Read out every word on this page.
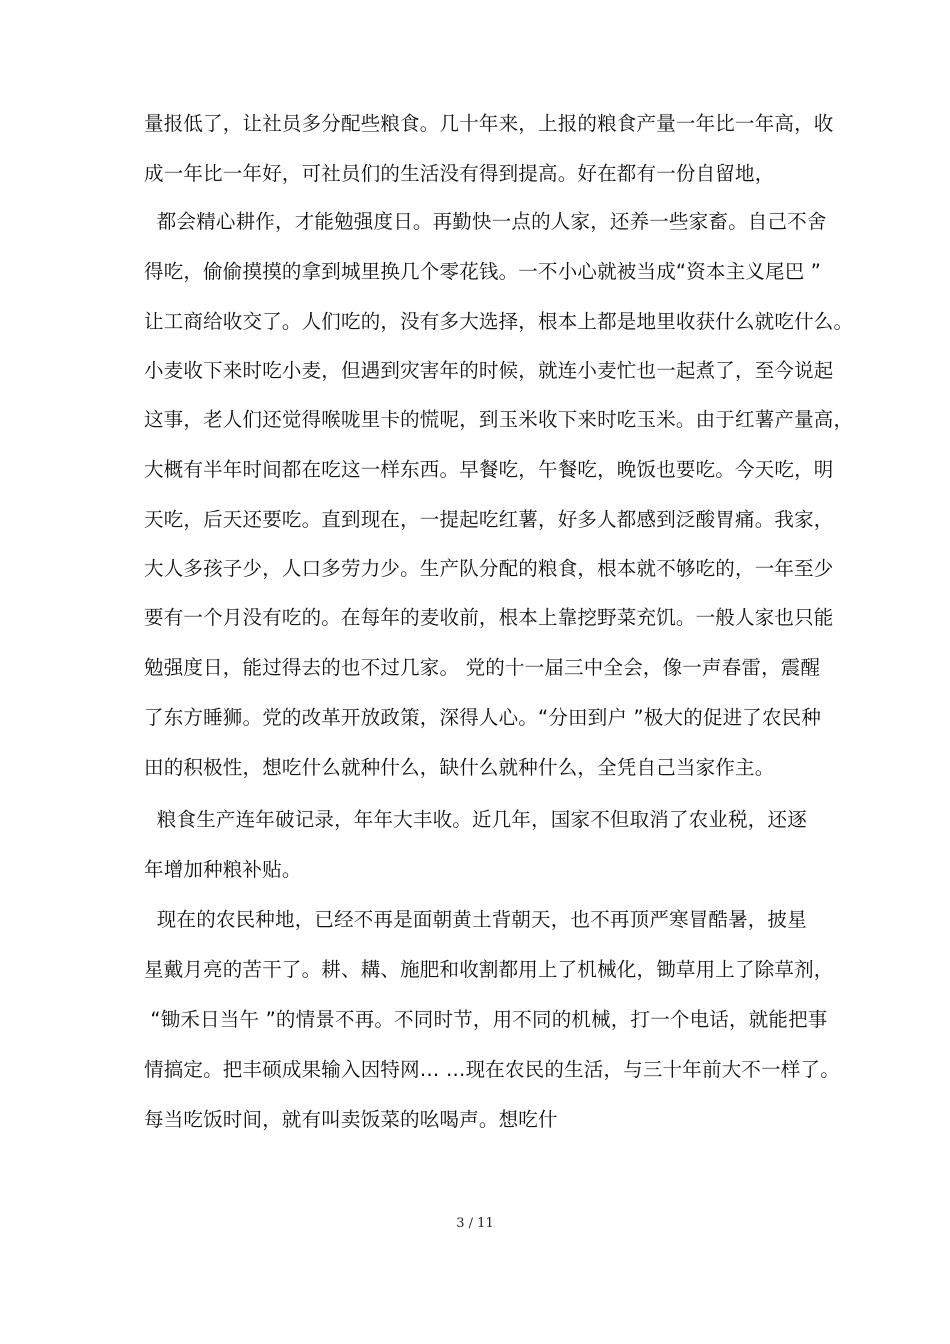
量报低了，让社员多分配些粮食。几十年来，上报的粮食产量一年比一年高，收
成一年比一年好，可社员们的生活没有得到提高。好在都有一份自留地，
都会精心耕作，才能勉强度日。再勤快一点的人家，还养一些家畜。自己不舍
得吃，偷偷摸摸的拿到城里换几个零花钱。一不小心就被当成“资本主义尾巴 ”
让工商给收交了。人们吃的，没有多大选择，根本上都是地里收获什么就吃什么。
小麦收下来时吃小麦，但遇到灾害年的时候，就连小麦忙也一起煮了，至今说起
这事，老人们还觉得喉咙里卡的慌呢，到玉米收下来时吃玉米。由于红薯产量高，
大概有半年时间都在吃这一样东西。早餐吃，午餐吃，晚饭也要吃。今天吃，明
天吃，后天还要吃。直到现在，一提起吃红薯，好多人都感到泛酸胃痛。我家，
大人多孩子少，人口多劳力少。生产队分配的粮食，根本就不够吃的，一年至少
要有一个月没有吃的。在每年的麦收前，根本上靠挖野菜充饥。一般人家也只能
勉强度日，能过得去的也不过几家。 党的十一届三中全会，像一声春雷，震醒
了东方睡狮。党的改革开放政策，深得人心。“分田到户 ”极大的促进了农民种
田的积极性，想吃什么就种什么，缺什么就种什么，全凭自己当家作主。
粮食生产连年破记录，年年大丰收。近几年，国家不但取消了农业税，还逐
年增加种粮补贴。
现在的农民种地，已经不再是面朝黄土背朝天，也不再顶严寒冒酷暑，披星
星戴月亮的苦干了。耕、耩、施肥和收割都用上了机械化，锄草用上了除草剂，
“锄禾日当午 ”的情景不再。不同时节，用不同的机械，打一个电话，就能把事
情搞定。把丰硕成果输入因特网… …现在农民的生活，与三十年前大不一样了。
每当吃饭时间，就有叫卖饭菜的吆喝声。想吃什
3 / 11
